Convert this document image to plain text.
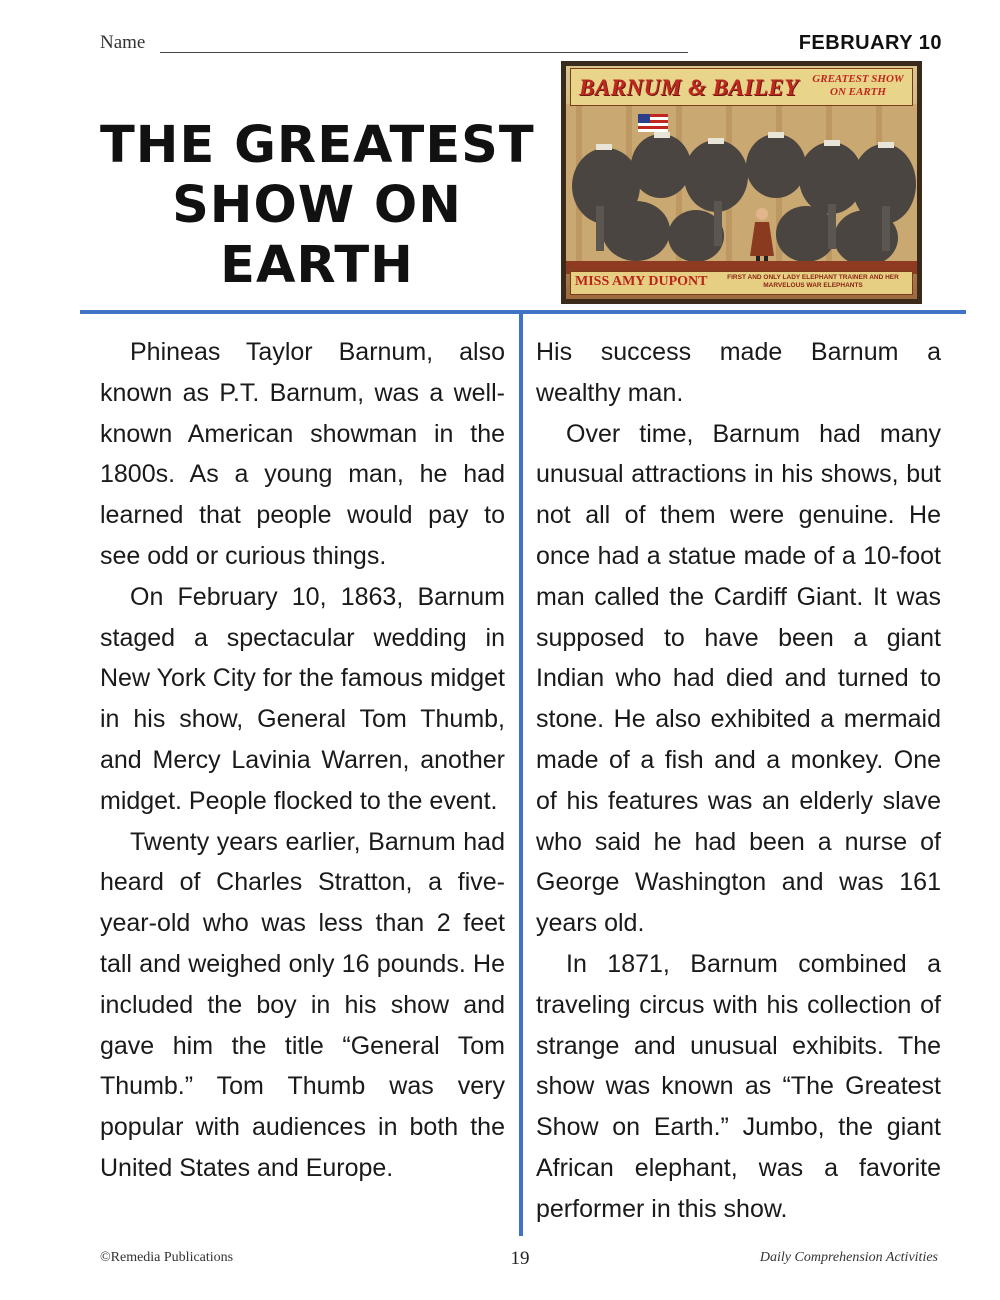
Name	FEBRUARY 10
THE GREATEST
SHOW ON
EARTH
BARNUM & BAILEY GREATEST SHOW ON EARTH
MISS AMY DUPONT	FIRST AND ONLY LADY ELEPHANT TRAINER AND HER MARVELOUS WAR ELEPHANTS

Phineas Taylor Barnum, also known as P.T. Barnum, was a well-known American showman in the 1800s. As a young man, he had learned that people would pay to see odd or curious things.

On February 10, 1863, Barnum staged a spectacular wedding in New York City for the famous midget in his show, General Tom Thumb, and Mercy Lavinia Warren, another midget. People flocked to the event.

Twenty years earlier, Barnum had heard of Charles Stratton, a five-year-old who was less than 2 feet tall and weighed only 16 pounds. He included the boy in his show and gave him the title “General Tom Thumb.” Tom Thumb was very popular with audiences in both the United States and Europe.

His success made Barnum a wealthy man.

Over time, Barnum had many unusual attractions in his shows, but not all of them were genuine. He once had a statue made of a 10-foot man called the Cardiff Giant. It was supposed to have been a giant Indian who had died and turned to stone. He also exhibited a mermaid made of a fish and a monkey. One of his features was an elderly slave who said he had been a nurse of George Washington and was 161 years old.

In 1871, Barnum combined a traveling circus with his collection of strange and unusual exhibits. The show was known as “The Greatest Show on Earth.” Jumbo, the giant African elephant, was a favorite performer in this show.

©Remedia Publications	19	Daily Comprehension Activities
